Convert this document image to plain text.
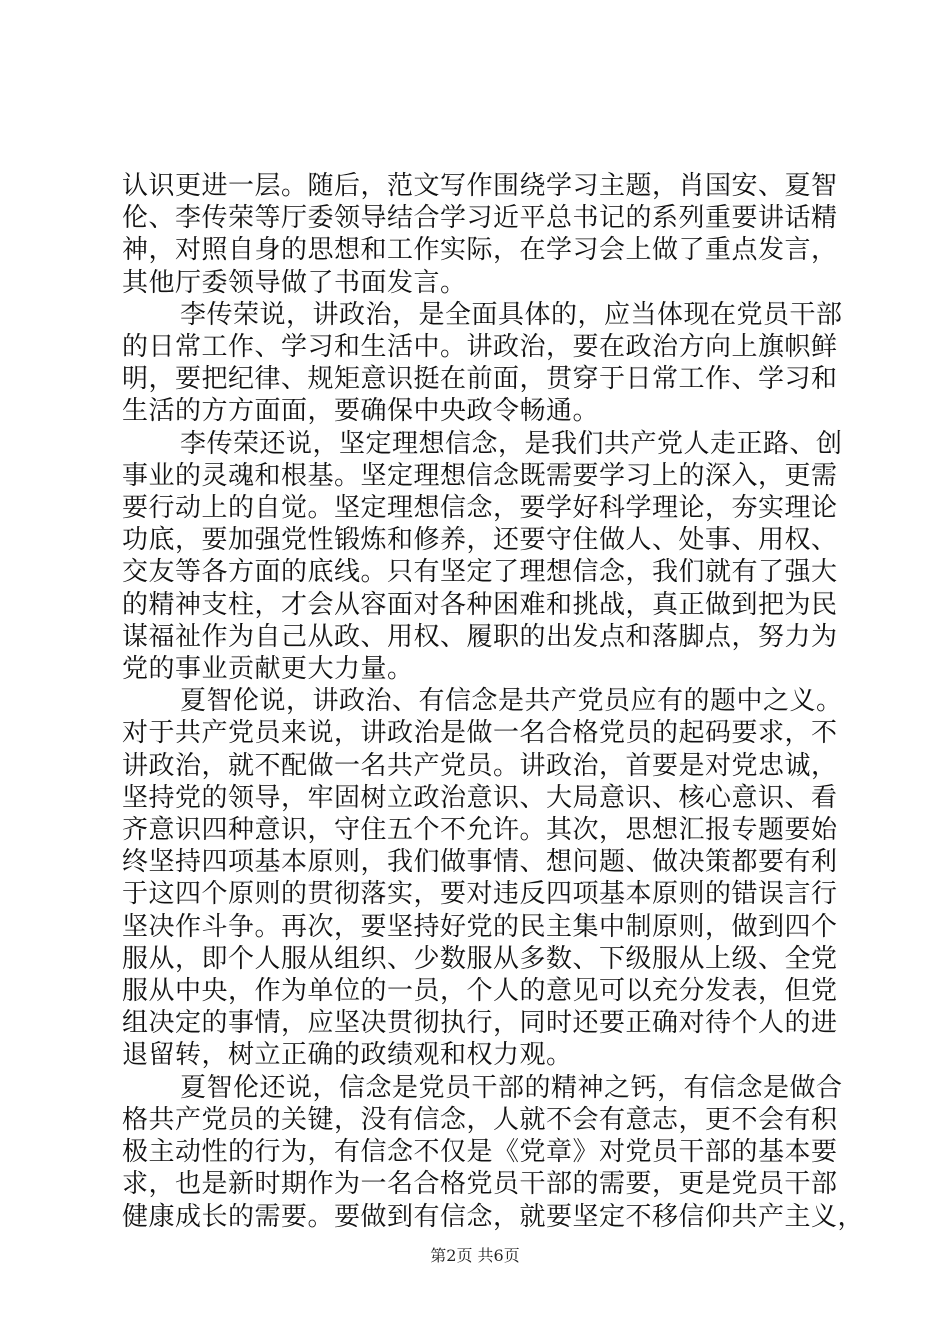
认识更进一层。随后，范文写作围绕学习主题，肖国安、夏智
伦、李传荣等厅委领导结合学习近平总书记的系列重要讲话精
神，对照自身的思想和工作实际，在学习会上做了重点发言，
其他厅委领导做了书面发言。
李传荣说，讲政治，是全面具体的，应当体现在党员干部
的日常工作、学习和生活中。讲政治，要在政治方向上旗帜鲜
明，要把纪律、规矩意识挺在前面，贯穿于日常工作、学习和
生活的方方面面，要确保中央政令畅通。
李传荣还说，坚定理想信念，是我们共产党人走正路、创
事业的灵魂和根基。坚定理想信念既需要学习上的深入，更需
要行动上的自觉。坚定理想信念，要学好科学理论，夯实理论
功底，要加强党性锻炼和修养，还要守住做人、处事、用权、
交友等各方面的底线。只有坚定了理想信念，我们就有了强大
的精神支柱，才会从容面对各种困难和挑战，真正做到把为民
谋福祉作为自己从政、用权、履职的出发点和落脚点，努力为
党的事业贡献更大力量。
夏智伦说，讲政治、有信念是共产党员应有的题中之义。
对于共产党员来说，讲政治是做一名合格党员的起码要求，不
讲政治，就不配做一名共产党员。讲政治，首要是对党忠诚，
坚持党的领导，牢固树立政治意识、大局意识、核心意识、看
齐意识四种意识，守住五个不允许。其次，思想汇报专题要始
终坚持四项基本原则，我们做事情、想问题、做决策都要有利
于这四个原则的贯彻落实，要对违反四项基本原则的错误言行
坚决作斗争。再次，要坚持好党的民主集中制原则，做到四个
服从，即个人服从组织、少数服从多数、下级服从上级、全党
服从中央，作为单位的一员，个人的意见可以充分发表，但党
组决定的事情，应坚决贯彻执行，同时还要正确对待个人的进
退留转，树立正确的政绩观和权力观。
夏智伦还说，信念是党员干部的精神之钙，有信念是做合
格共产党员的关键，没有信念，人就不会有意志，更不会有积
极主动性的行为，有信念不仅是《党章》对党员干部的基本要
求，也是新时期作为一名合格党员干部的需要，更是党员干部
健康成长的需要。要做到有信念，就要坚定不移信仰共产主义，
第2页 共6页
